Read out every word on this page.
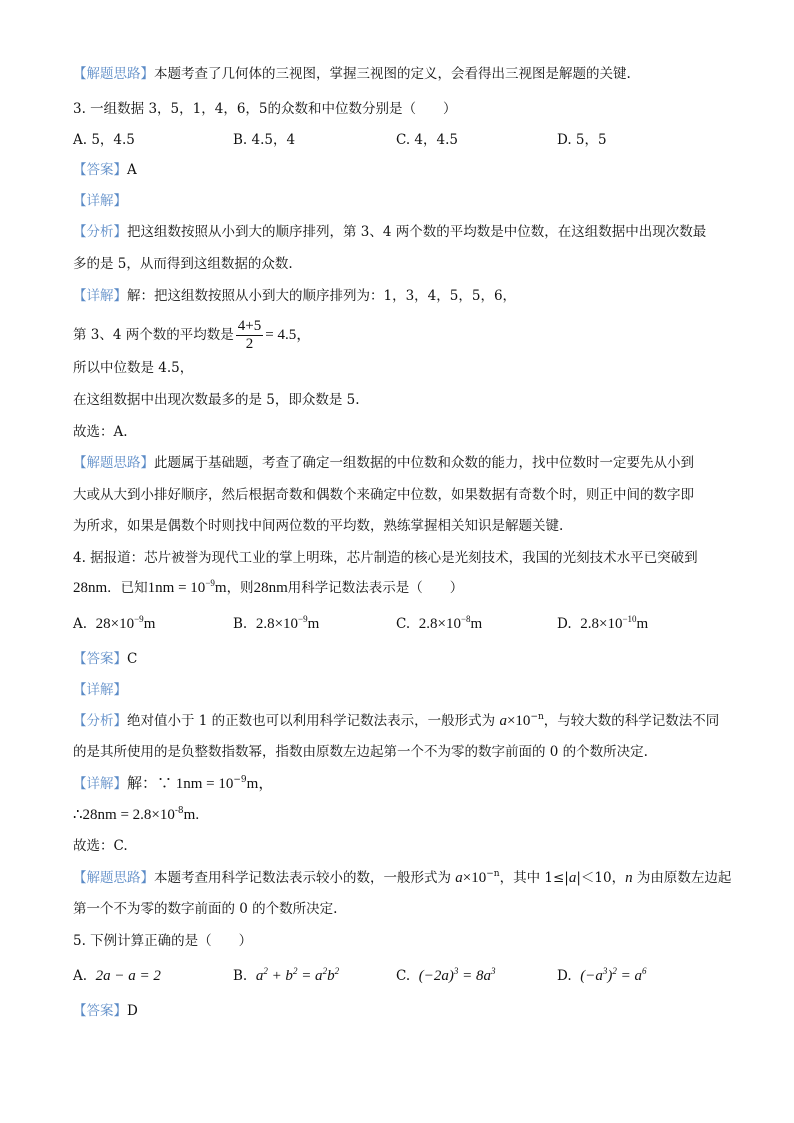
【解题思路】本题考查了几何体的三视图，掌握三视图的定义，会看得出三视图是解题的关键.
3. 一组数据 3，5，1，4，6，5的众数和中位数分别是（　　）
A. 5，4.5	B. 4.5，4	C. 4，4.5	D. 5，5
【答案】A
【详解】
【分析】把这组数按照从小到大的顺序排列，第 3、4 两个数的平均数是中位数，在这组数据中出现次数最
多的是 5，从而得到这组数据的众数.
【详解】解：把这组数按照从小到大的顺序排列为：1，3，4，5，5，6，
第 3、4 两个数的平均数是 $\frac{4+5}{2} = 4.5$，
所以中位数是 4.5，
在这组数据中出现次数最多的是 5，即众数是 5.
故选：A.
【解题思路】此题属于基础题，考查了确定一组数据的中位数和众数的能力，找中位数时一定要先从小到
大或从大到小排好顺序，然后根据奇数和偶数个来确定中位数，如果数据有奇数个时，则正中间的数字即
为所求，如果是偶数个时则找中间两位数的平均数，熟练掌握相关知识是解题关键.
4. 据报道：芯片被誉为现代工业的掌上明珠，芯片制造的核心是光刻技术，我国的光刻技术水平已突破到
28nm．已知$1nm = 10^{-9}m$，则28nm用科学记数法表示是（　　）
A. $28\times 10^{-9}m$	B. $2.8\times 10^{-9}m$	C. $2.8\times 10^{-8}m$	D. $2.8\times 10^{-10}m$
【答案】C
【详解】
【分析】绝对值小于 1 的正数也可以利用科学记数法表示，一般形式为 $a\times 10^{-n}$，与较大数的科学记数法不同
的是其所使用的是负整数指数幂，指数由原数左边起第一个不为零的数字前面的 0 的个数所决定.
【详解】解：∵ $1nm = 10^{-9}m$，
∴28nm = $2.8\times 10^{-8}m$.
故选：C.
【解题思路】本题考查用科学记数法表示较小的数，一般形式为 $a\times 10^{-n}$，其中 1≤|a|＜10，n 为由原数左边起
第一个不为零的数字前面的 0 的个数所决定.
5. 下例计算正确的是（　　）
A. 2a − a = 2	B. $a^2 + b^2 = a^2b^2$	C. $(-2a)^3 = 8a^3$	D. $(-a^3)^2 = a^6$
【答案】D
